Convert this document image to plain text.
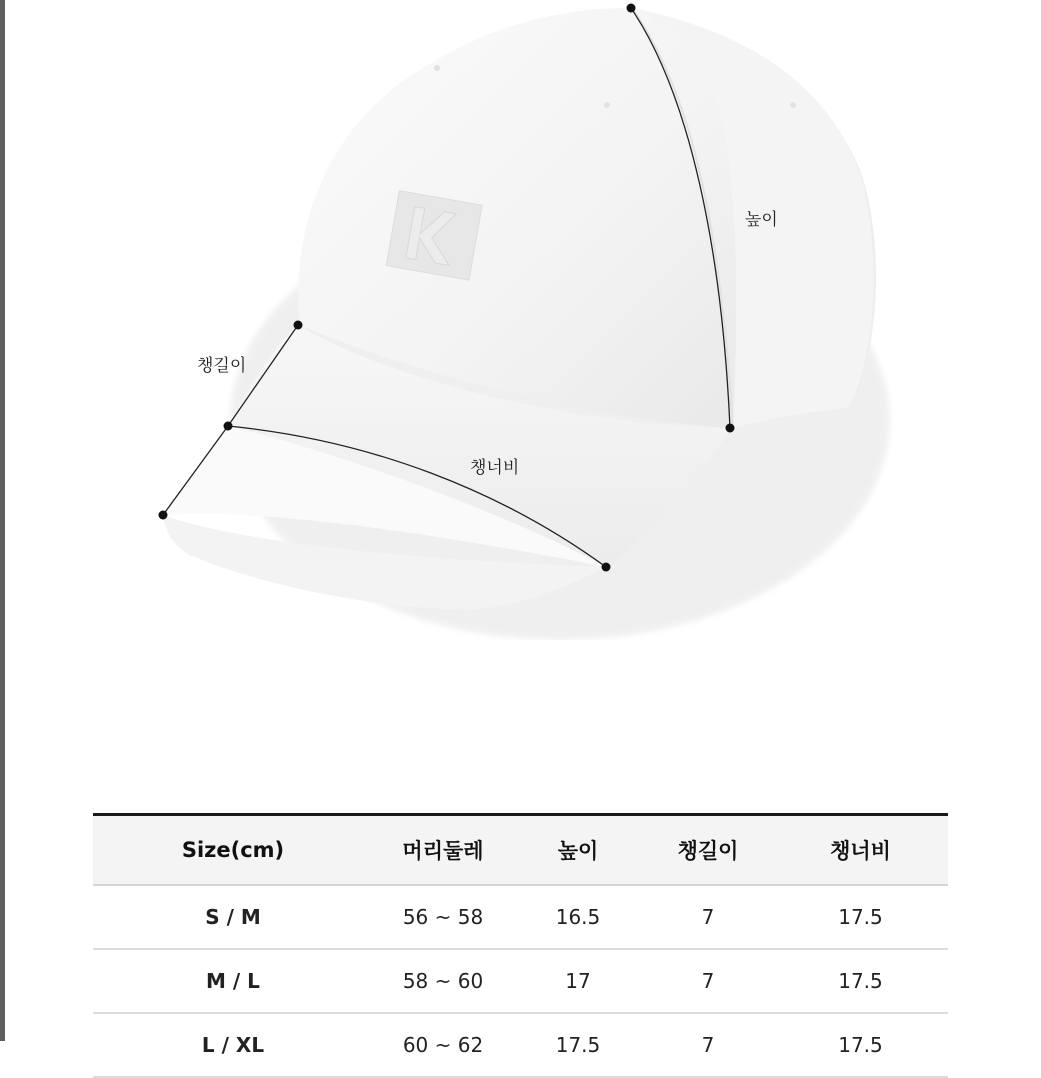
높이
챙길이
챙너비
Size(cm)	머리둘레	높이	챙길이	챙너비
S / M	56 ~ 58	16.5	7	17.5
M / L	58 ~ 60	17	7	17.5
L / XL	60 ~ 62	17.5	7	17.5
